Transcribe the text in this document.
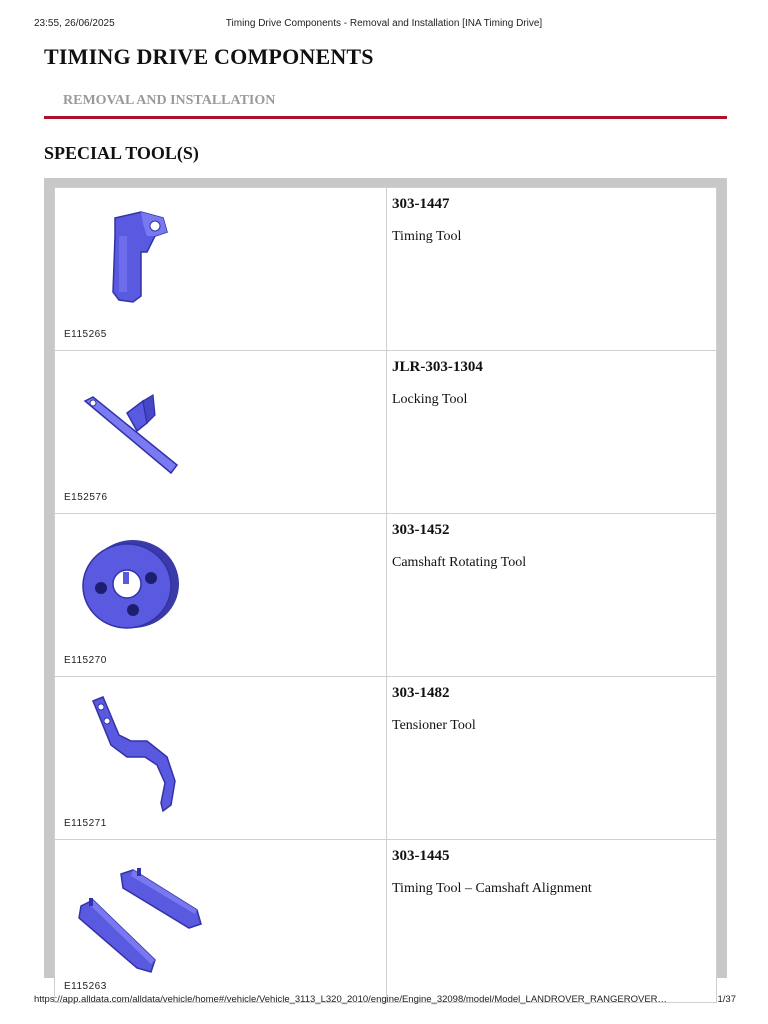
23:55, 26/06/2025	Timing Drive Components - Removal and Installation [INA Timing Drive]
TIMING DRIVE COMPONENTS
REMOVAL AND INSTALLATION
SPECIAL TOOL(S)
E115265	303-1447
Timing Tool

E152576	JLR-303-1304
Locking Tool

E115270	303-1452
Camshaft Rotating Tool

E115271	303-1482
Tensioner Tool

E115263	303-1445
Timing Tool – Camshaft Alignment
https://app.alldata.com/alldata/vehicle/home#/vehicle/Vehicle_3113_L320_2010/engine/Engine_32098/model/Model_LANDROVER_RANGEROVER…	1/37
